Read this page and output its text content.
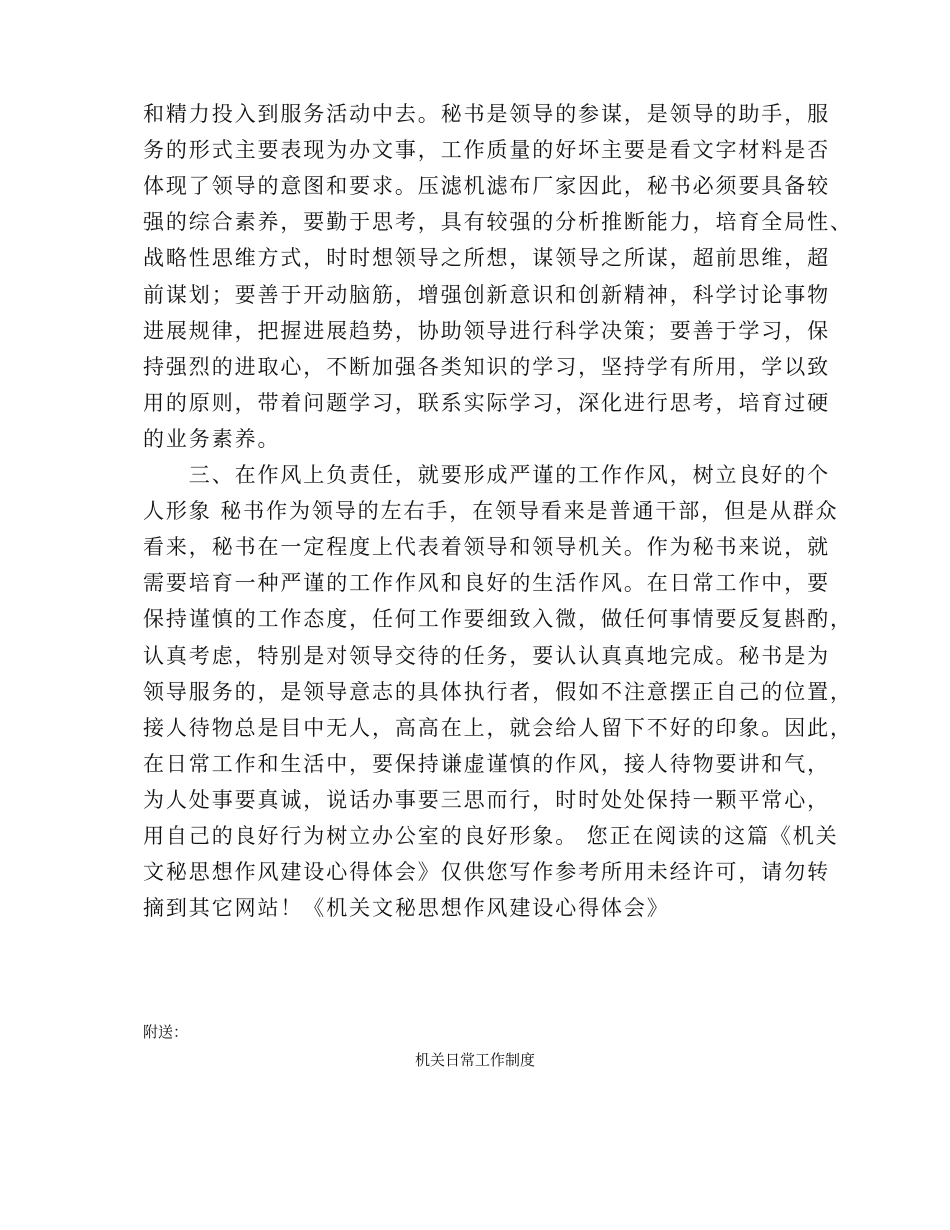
和精力投入到服务活动中去。秘书是领导的参谋，是领导的助手，服
务的形式主要表现为办文事，工作质量的好坏主要是看文字材料是否
体现了领导的意图和要求。压滤机滤布厂家因此，秘书必须要具备较
强的综合素养，要勤于思考，具有较强的分析推断能力，培育全局性、
战略性思维方式，时时想领导之所想，谋领导之所谋，超前思维，超
前谋划；要善于开动脑筋，增强创新意识和创新精神，科学讨论事物
进展规律，把握进展趋势，协助领导进行科学决策；要善于学习，保
持强烈的进取心，不断加强各类知识的学习，坚持学有所用，学以致
用的原则，带着问题学习，联系实际学习，深化进行思考，培育过硬
的业务素养。
　　三、在作风上负责任，就要形成严谨的工作作风，树立良好的个
人形象 秘书作为领导的左右手，在领导看来是普通干部，但是从群众
看来，秘书在一定程度上代表着领导和领导机关。作为秘书来说，就
需要培育一种严谨的工作作风和良好的生活作风。在日常工作中，要
保持谨慎的工作态度，任何工作要细致入微，做任何事情要反复斟酌，
认真考虑，特别是对领导交待的任务，要认认真真地完成。秘书是为
领导服务的，是领导意志的具体执行者，假如不注意摆正自己的位置，
接人待物总是目中无人，高高在上，就会给人留下不好的印象。因此，
在日常工作和生活中，要保持谦虚谨慎的作风，接人待物要讲和气，
为人处事要真诚，说话办事要三思而行，时时处处保持一颗平常心，
用自己的良好行为树立办公室的良好形象。 您正在阅读的这篇《机关
文秘思想作风建设心得体会》仅供您写作参考所用未经许可，请勿转
摘到其它网站！《机关文秘思想作风建设心得体会》
附送：
机关日常工作制度
